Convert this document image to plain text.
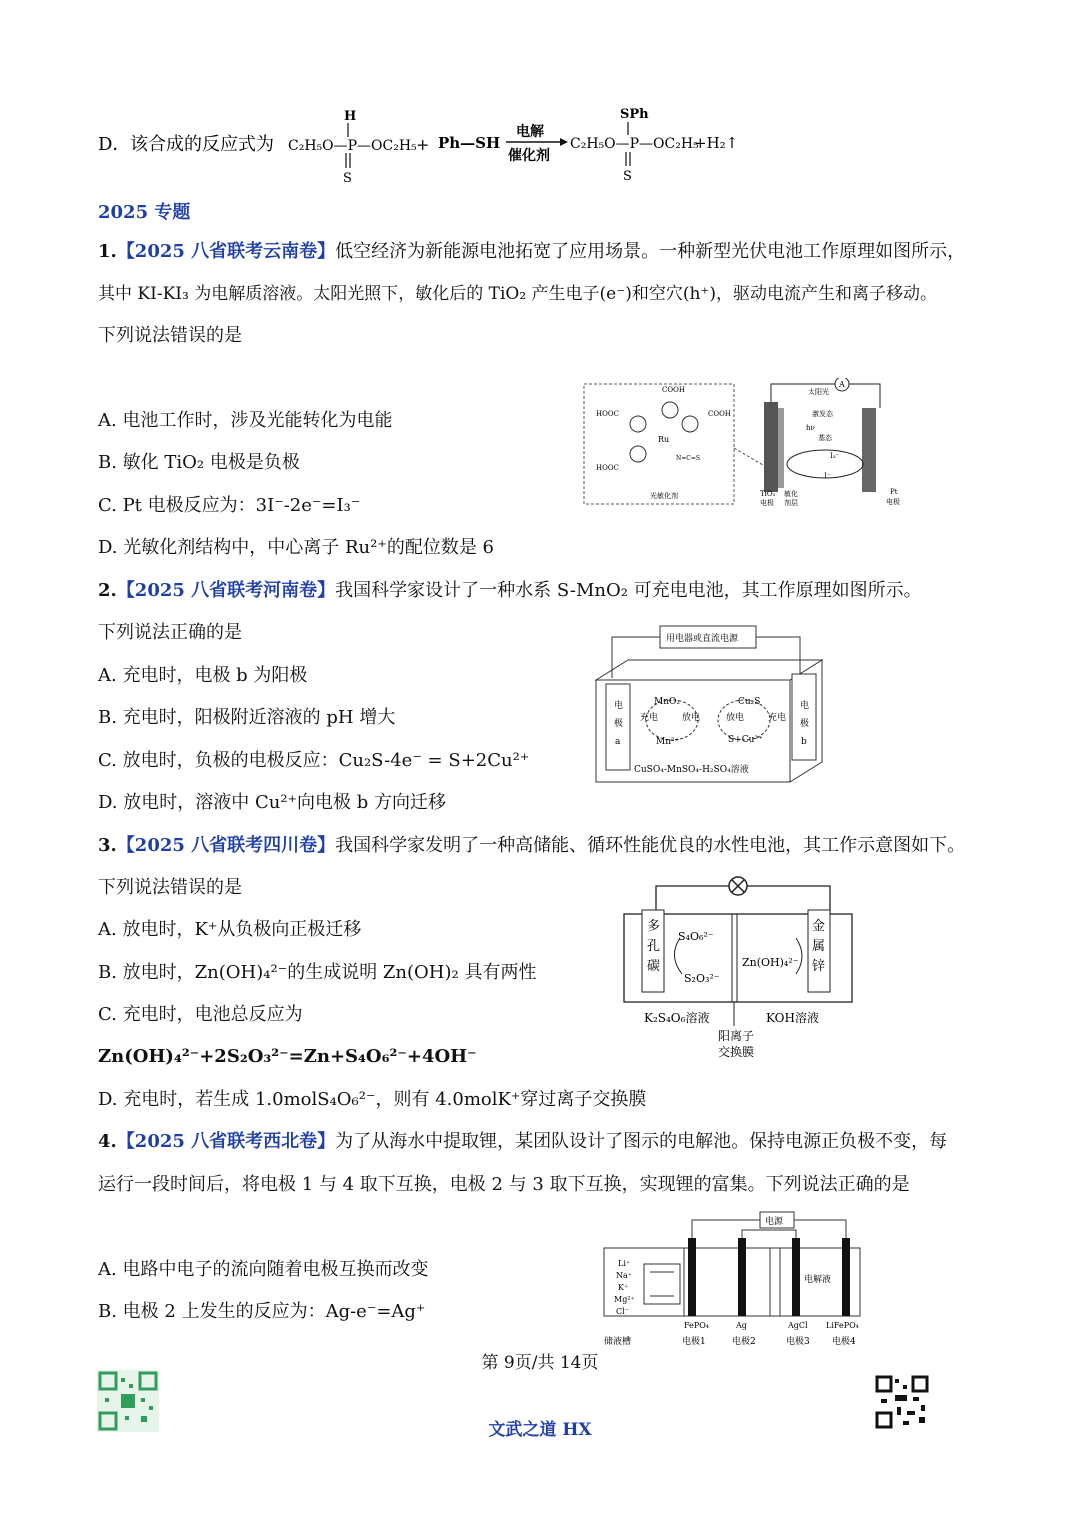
D． 该合成的反应式为
H
C₂H₅O—P—OC₂H₅
S
+ Ph—SH
电解
催化剂
SPh
C₂H₅O—P—OC₂H₅
S
+H₂↑
2025 专题
1.【2025 八省联考云南卷】低空经济为新能源电池拓宽了应用场景。一种新型光伏电池工作原理如图所示，
其中 KI-KI₃ 为电解质溶液。太阳光照下，敏化后的 TiO₂ 产生电子(e⁻)和空穴(h⁺)，驱动电流产生和离子移动。
下列说法错误的是
A. 电池工作时，涉及光能转化为电能
B. 敏化 TiO₂ 电极是负极
C. Pt 电极反应为：3I⁻-2e⁻=I₃⁻
D. 光敏化剂结构中，中心离子 Ru²⁺的配位数是 6
COOH
HOOC	COOH
HOOC
Ru
N=C=S
光敏化剂
A
太阳光
激发态
hν
基态
I₃⁻
I⁻
TiO₂
电极
敏化
剂层
Pt
电极
2.【2025 八省联考河南卷】我国科学家设计了一种水系 S-MnO₂ 可充电电池，其工作原理如图所示。
下列说法正确的是
A. 充电时，电极 b 为阳极
B. 充电时，阳极附近溶液的 pH 增大
C. 放电时，负极的电极反应：Cu₂S-4e⁻ = S+2Cu²⁺
D. 放电时，溶液中 Cu²⁺向电极 b 方向迁移
用电器或直流电源
电
极
a
电
极
b
MnO₂
Mn²⁺
充电	放电
Cu₂S
S+Cu²⁺
放电	充电
CuSO₄-MnSO₄-H₂SO₄溶液
3.【2025 八省联考四川卷】我国科学家发明了一种高储能、循环性能优良的水性电池，其工作示意图如下。
下列说法错误的是
A. 放电时，K⁺从负极向正极迁移
B. 放电时，Zn(OH)₄²⁻的生成说明 Zn(OH)₂ 具有两性
C. 充电时，电池总反应为
Zn(OH)₄²⁻+2S₂O₃²⁻=Zn+S₄O₆²⁻+4OH⁻
D. 充电时，若生成 1.0molS₄O₆²⁻，则有 4.0molK⁺穿过离子交换膜
多
孔
碳
金
属
锌
S₄O₆²⁻
S₂O₃²⁻
Zn(OH)₄²⁻
K₂S₄O₆溶液	KOH溶液
阳离子
交换膜
4.【2025 八省联考西北卷】为了从海水中提取锂，某团队设计了图示的电解池。保持电源正负极不变，每
运行一段时间后，将电极 1 与 4 取下互换，电极 2 与 3 取下互换，实现锂的富集。下列说法正确的是
A. 电路中电子的流向随着电极互换而改变
B. 电极 2 上发生的反应为：Ag-e⁻=Ag⁺
电源
Li⁺
Na⁺
K⁺
Mg²⁺
Cl⁻
电解液
FePO₄	Ag	AgCl LiFePO₄
储液槽	电极1	电极2	电极3 电极4
第 9页/共 14页
文武之道 HX
